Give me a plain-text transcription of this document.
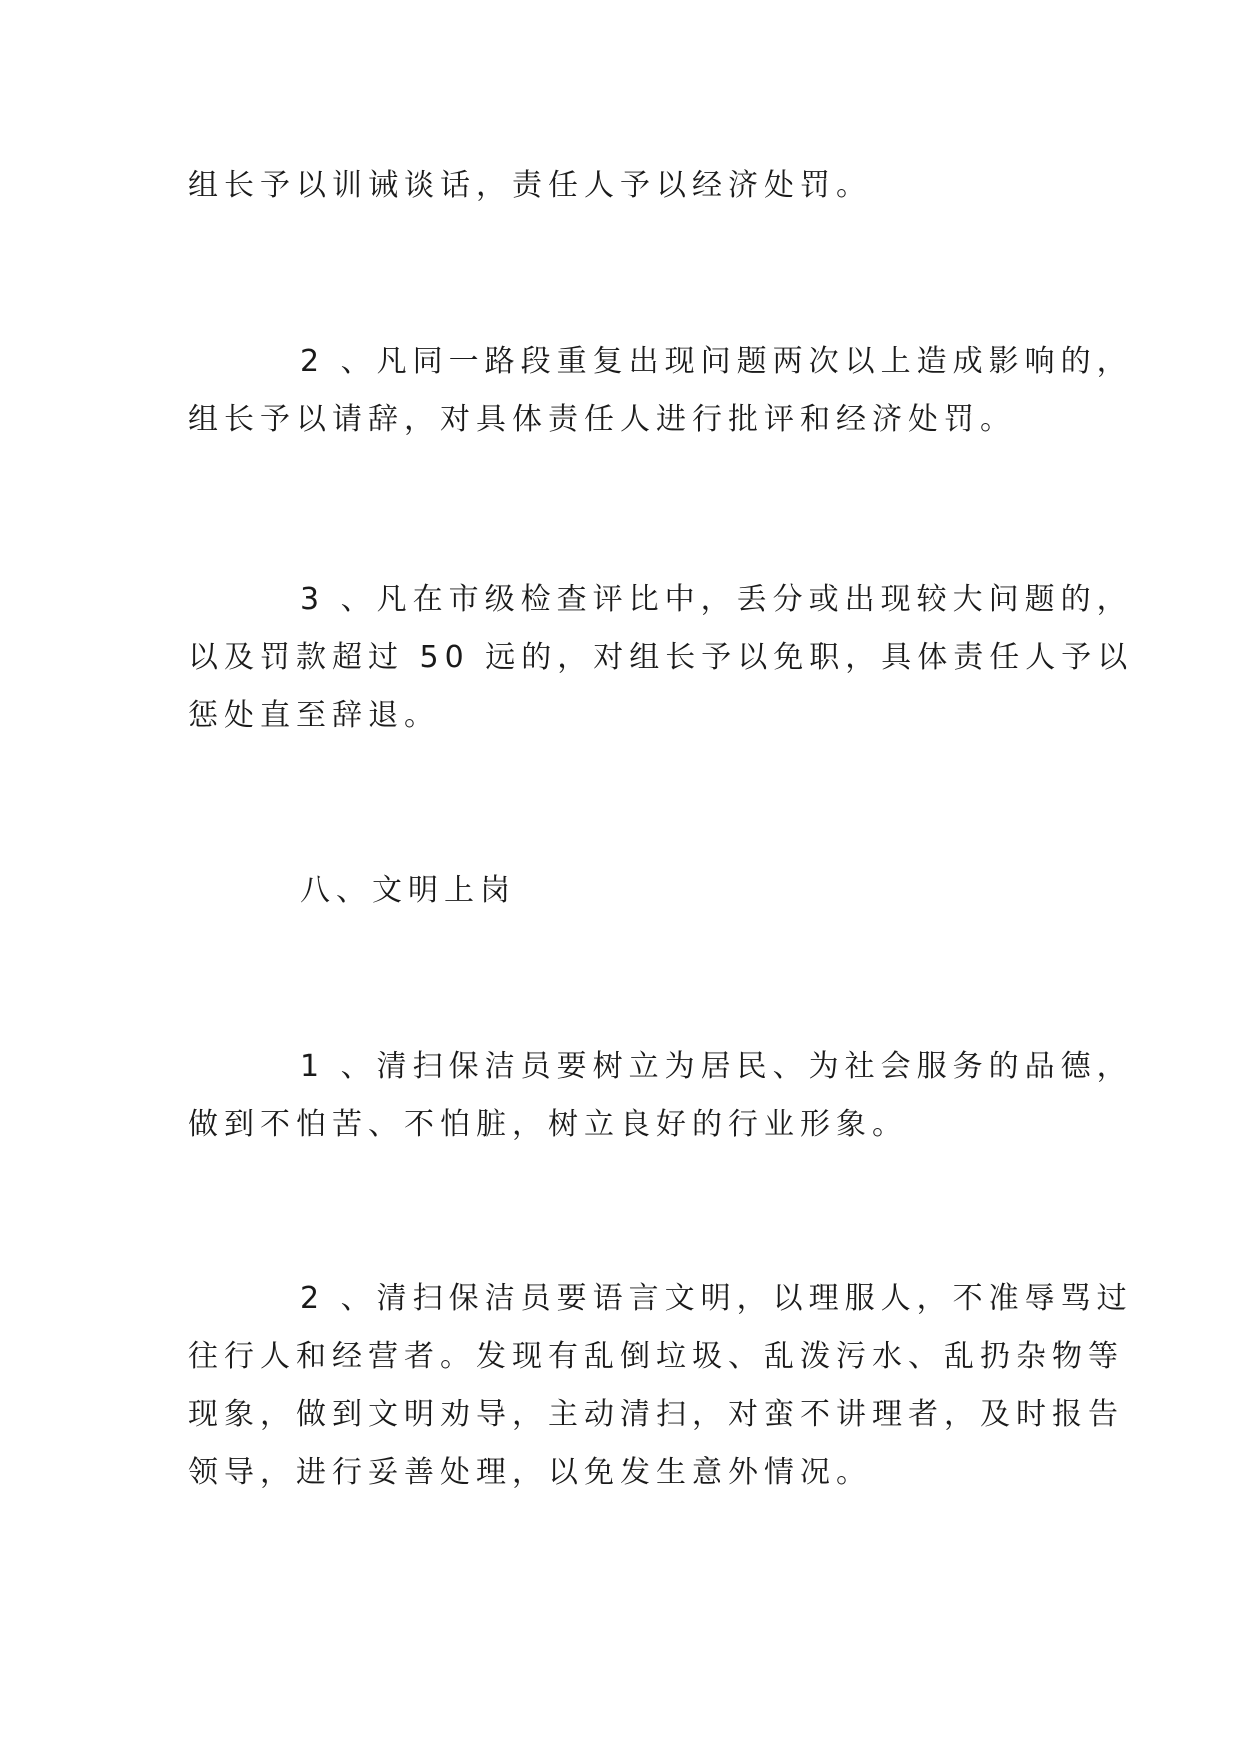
组长予以训诫谈话，责任人予以经济处罚。
2 、凡同一路段重复出现问题两次以上造成影响的，
组长予以请辞，对具体责任人进行批评和经济处罚。
3 、凡在市级检查评比中，丢分或出现较大问题的，
以及罚款超过 50 远的，对组长予以免职，具体责任人予以
惩处直至辞退。
八、文明上岗
1 、清扫保洁员要树立为居民、为社会服务的品德，
做到不怕苦、不怕脏，树立良好的行业形象。
2 、清扫保洁员要语言文明，以理服人，不准辱骂过
往行人和经营者。发现有乱倒垃圾、乱泼污水、乱扔杂物等
现象，做到文明劝导，主动清扫，对蛮不讲理者，及时报告
领导，进行妥善处理，以免发生意外情况。
